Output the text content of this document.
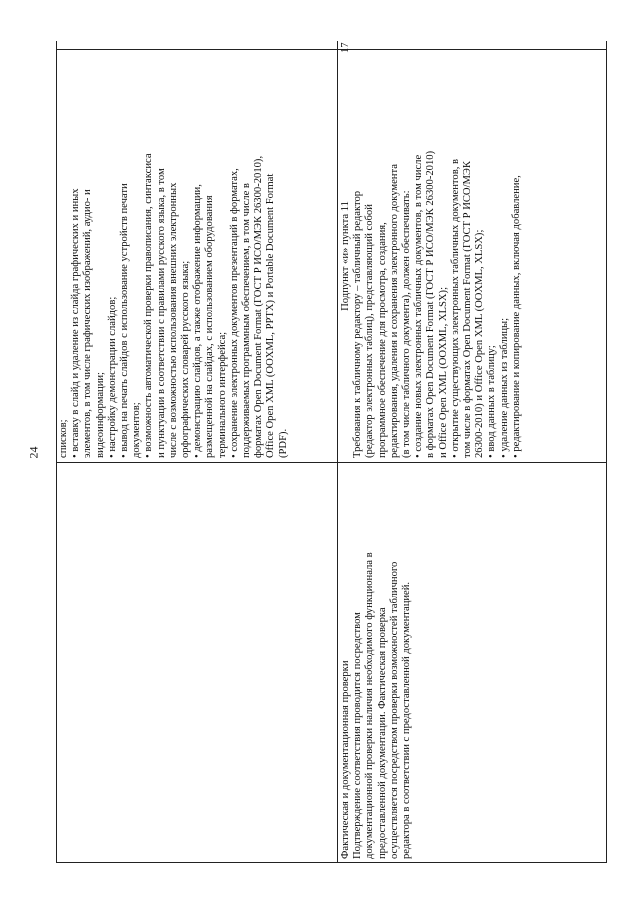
24 списков; • вставку в слайд и удаление из слайда графических и иных элементов, в том числе графических изображений, аудио- и видеоинформации; • настройку демонстрации слайдов; • вывод на печать слайдов с использование устройств печати документов; • возможность автоматической проверки правописания, синтаксиса и пунктуации в соответствии с правилами русского языка, в том числе с возможностью использования внешних электронных орфографических словарей русского языка; • демонстрацию слайдов, а также отображение информации, размещенной на слайдах, с использованием оборудования терминального интерфейса; • сохранение электронных документов презентаций в форматах, поддерживаемых программным обеспечением, в том числе в форматах Open Document Format (ГОСТ Р ИСО/МЭК 26300-2010), Office Open XML (OOXML, PPTX) и Portable Document Format (PDF).
17
Подпункт «и» пункта 11 Требования к табличному редактору – табличный редактор (редактор электронных таблиц), представляющий собой программное обеспечение для просмотра, создания, редактирования, удаления и сохранения электронного документа (в том числе табличного документа), должен обеспечивать: • создание новых электронных табличных документов, в том числе в форматах Open Document Format (ГОСТ Р ИСО/МЭК 26300-2010) и Office Open XML (OOXML, XLSX); • открытие существующих электронных табличных документов, в том числе в форматах Open Document Format (ГОСТ Р ИСО/МЭК 26300-2010) и Office Open XML (OOXML, XLSX); • ввод данных в таблицу; • удаление данных из таблицы; • редактирование и копирование данных, включая добавление,
Фактическая и документационная проверки Подтверждение соответствия проводится посредством документационной проверки наличия необходимого функционала в предоставленной документации. Фактическая проверка осуществляется посредством проверки возможностей табличного редактора в соответствии с предоставленной документацией.
